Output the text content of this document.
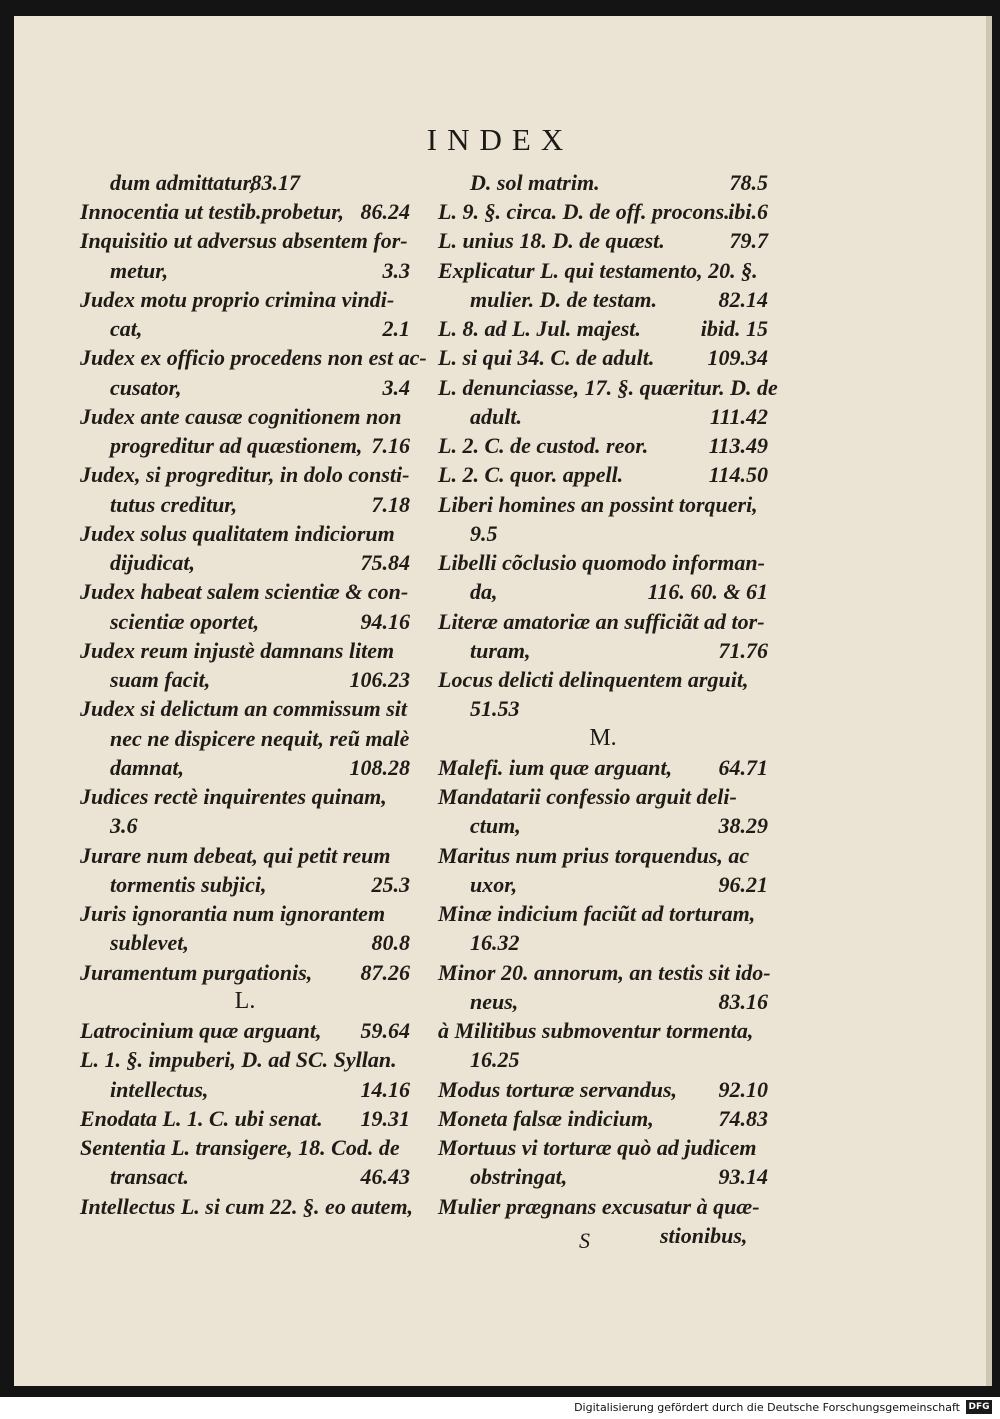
INDEX
dum admittatur,
83.17
Innocentia ut testib.probetur, 86.24
Inquisitio ut adversus absentem for-
metur,	3.3
Judex motu proprio crimina vindi-
cat,	2.1
Judex ex officio procedens non est ac-
cusator,	3.4
Judex ante causæ cognitionem non
progreditur ad quæstionem, 7.16
Judex, si progreditur, in dolo consti-
tutus creditur,	7.18
Judex solus qualitatem indiciorum
dijudicat,	75.84
Judex habeat salem scientiæ & con-
scientiæ oportet,	94.16
Judex reum injustè damnans litem
suam facit,	106.23
Judex si delictum an commissum sit
nec ne dispicere nequit, reũ malè
damnat,	108.28
Judices rectè inquirentes quinam,
3.6
Jurare num debeat, qui petit reum
tormentis subjici,	25.3
Juris ignorantia num ignorantem
sublevet,	80.8
Juramentum purgationis, 87.26
L.
Latrocinium quæ arguant, 59.64
L. 1. §. impuberi, D. ad SC. Syllan.
intellectus,	14.16
Enodata L. 1. C. ubi senat. 19.31
Sententia L. transigere, 18. Cod. de
transact.	46.43
Intellectus L. si cum 22. §. eo autem,
D. sol matrim.	78.5
L. 9. §. circa. D. de off. procons.
ibi.6
L. unius 18. D. de quæst.	79.7
Explicatur L. qui testamento, 20. §.
mulier. D. de testam.	82.14
L. 8. ad L. Jul. majest.	ibid. 15
L. si qui 34. C. de adult. 109.34
L. denunciasse, 17. §. quæritur. D. de
adult.	111.42
L. 2. C. de custod. reor.	113.49
L. 2. C. quor. appell.	114.50
Liberi homines an possint torqueri,
9.5
Libelli cõclusio quomodo informan-
da,	116. 60. & 61
Literæ amatoriæ an sufficiãt ad tor-
turam,	71.76
Locus delicti delinquentem arguit,
51.53
M.
Malefi. ium quæ arguant, 64.71
Mandatarii confessio arguit deli-
ctum,	38.29
Maritus num prius torquendus, ac
uxor,	96.21
Minæ indicium faciũt ad torturam,
16.32
Minor 20. annorum, an testis sit ido-
neus,	83.16
à Militibus submoventur tormenta,
16.25
Modus torturæ servandus, 92.10
Moneta falsæ indicium,	74.83
Mortuus vi torturæ quò ad judicem
obstringat,	93.14
Mulier prægnans excusatur à quæ-
stionibus,
S
Digitalisierung gefördert durch die Deutsche Forschungsgemeinschaft DFG
